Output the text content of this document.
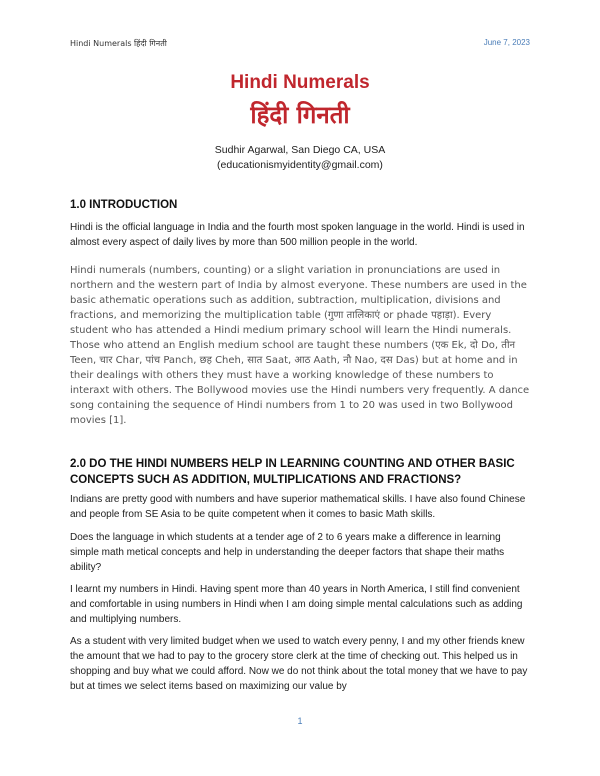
Hindi Numerals हिंदी गिनती	June 7, 2023
Hindi Numerals
हिंदी गिनती
Sudhir Agarwal, San Diego CA, USA
(educationismyidentity@gmail.com)
1.0 INTRODUCTION

Hindi is the official language in India and the fourth most spoken language in the world. Hindi is used in almost every aspect of daily lives by more than 500 million people in the world.

Hindi numerals (numbers, counting) or a slight variation in pronunciations are used in northern and the western part of India by almost everyone. These numbers are used in the basic athematic operations such as addition, subtraction, multiplication, divisions and fractions, and memorizing the multiplication table (गुणा तालिकाएं or phade पहाड़ा). Every student who has attended a Hindi medium primary school will learn the Hindi numerals. Those who attend an English medium school are taught these numbers (एक Ek, दो Do, तीन Teen, चार Char, पांच Panch, छह Cheh, सात Saat, आठ Aath, नौ Nao, दस Das) but at home and in their dealings with others they must have a working knowledge of these numbers to interaxt with others. The Bollywood movies use the Hindi numbers very frequently. A dance song containing the sequence of Hindi numbers from 1 to 20 was used in two Bollywood movies [1].

2.0 DO THE HINDI NUMBERS HELP IN LEARNING COUNTING AND OTHER BASIC CONCEPTS SUCH AS ADDITION, MULTIPLICATIONS AND FRACTIONS?

Indians are pretty good with numbers and have superior mathematical skills. I have also found Chinese and people from SE Asia to be quite competent when it comes to basic Math skills.

Does the language in which students at a tender age of 2 to 6 years make a difference in learning simple math metical concepts and help in understanding the deeper factors that shape their maths ability?

I learnt my numbers in Hindi. Having spent more than 40 years in North America, I still find convenient and comfortable in using numbers in Hindi when I am doing simple mental calculations such as adding and multiplying numbers.

As a student with very limited budget when we used to watch every penny, I and my other friends knew the amount that we had to pay to the grocery store clerk at the time of checking out. This helped us in shopping and buy what we could afford. Now we do not think about the total money that we have to pay but at times we select items based on maximizing our value by

1
